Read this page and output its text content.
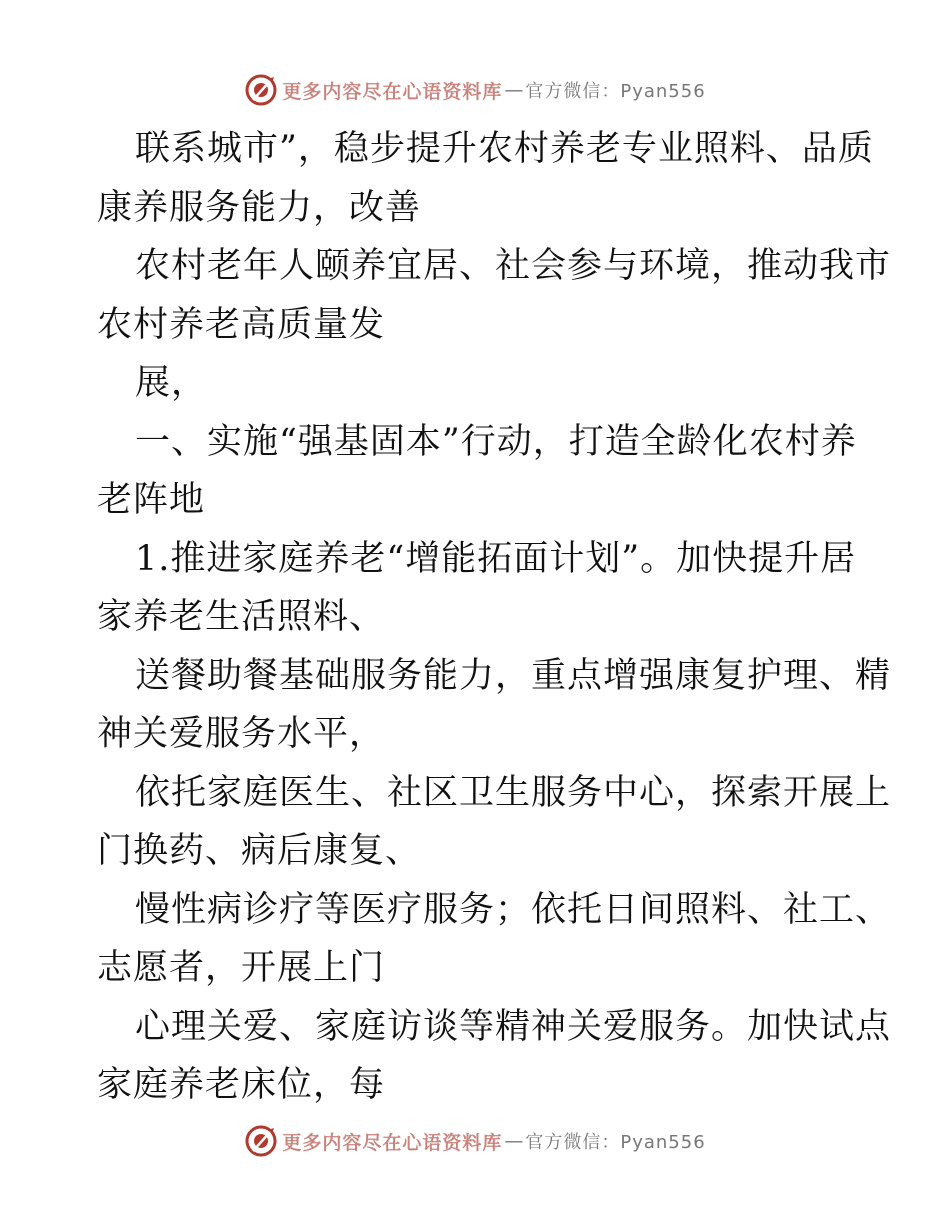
更多内容尽在心语资料库 — 官方微信：Pyan556

联系城市”，稳步提升农村养老专业照料、品质
康养服务能力，改善

农村老年人颐养宜居、社会参与环境，推动我市
农村养老高质量发

展，

一、实施“强基固本”行动，打造全龄化农村养
老阵地

1.推进家庭养老“增能拓面计划”。加快提升居
家养老生活照料、

送餐助餐基础服务能力，重点增强康复护理、精
神关爱服务水平，

依托家庭医生、社区卫生服务中心，探索开展上
门换药、病后康复、

慢性病诊疗等医疗服务；依托日间照料、社工、
志愿者，开展上门

心理关爱、家庭访谈等精神关爱服务。加快试点
家庭养老床位，每

更多内容尽在心语资料库 — 官方微信：Pyan556
